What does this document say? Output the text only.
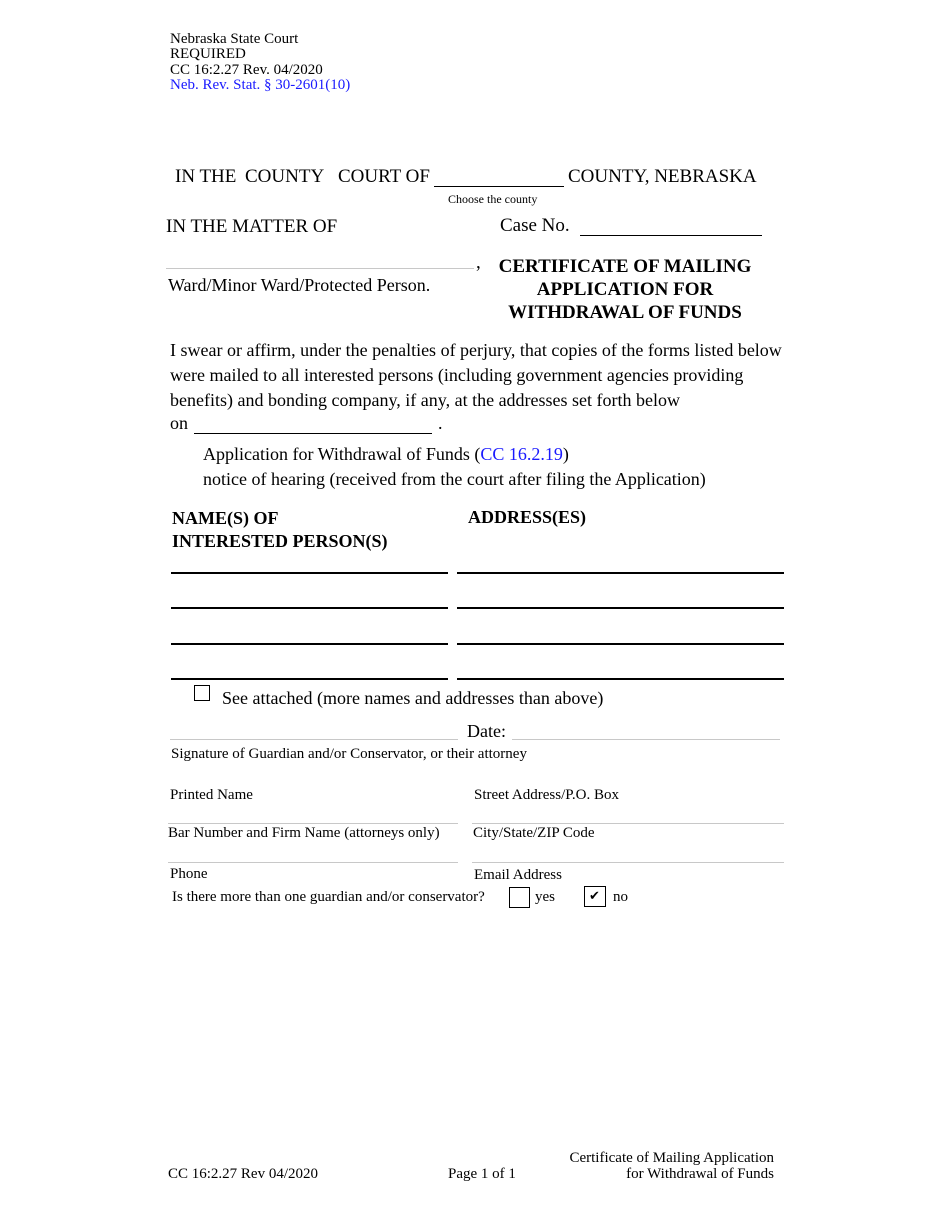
Nebraska State Court
REQUIRED
CC 16:2.27 Rev. 04/2020
Neb. Rev. Stat. § 30-2601(10)
IN THE COUNTY COURT OF	COUNTY, NEBRASKA
Choose the county
IN THE MATTER OF	Case No.
,
Ward/Minor Ward/Protected Person.
CERTIFICATE OF MAILING
APPLICATION FOR
WITHDRAWAL OF FUNDS
I swear or affirm, under the penalties of perjury, that copies of the forms listed below were mailed to all interested persons (including government agencies providing benefits) and bonding company, if any, at the addresses set forth below
on	.
Application for Withdrawal of Funds (CC 16.2.19)
notice of hearing (received from the court after filing the Application)
NAME(S) OF
INTERESTED PERSON(S)
ADDRESS(ES)
See attached (more names and addresses than above)
Date:
Signature of Guardian and/or Conservator, or their attorney
Printed Name	Street Address/P.O. Box
Bar Number and Firm Name (attorneys only) City/State/ZIP Code
Phone	Email Address
Is there more than one guardian and/or conservator?	yes	✔ no
CC 16:2.27 Rev 04/2020	Page 1 of 1
Certificate of Mailing Application
for Withdrawal of Funds
